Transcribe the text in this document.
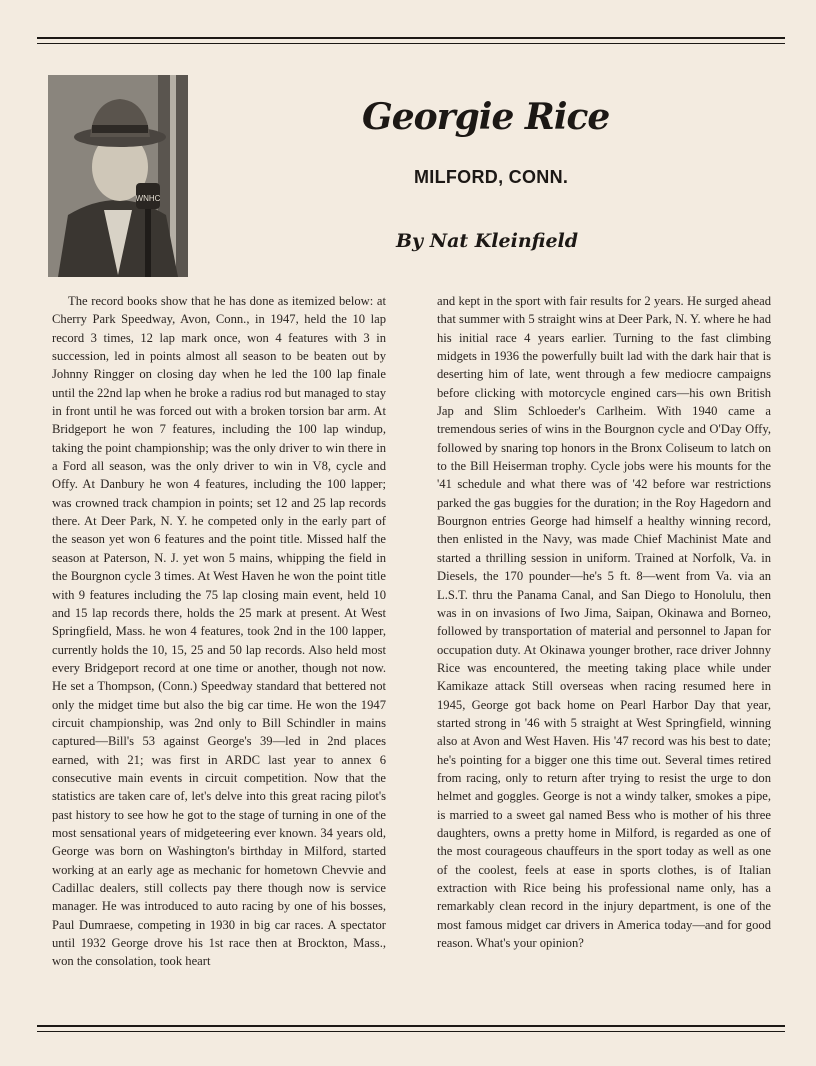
WNHC
Georgie Rice
MILFORD, CONN.
By Nat Kleinfield

The record books show that he has done as itemized below: at Cherry Park Speedway, Avon, Conn., in 1947, held the 10 lap record 3 times, 12 lap mark once, won 4 features with 3 in succession, led in points almost all season to be beaten out by Johnny Ringger on closing day when he led the 100 lap finale until the 22nd lap when he broke a radius rod but managed to stay in front until he was forced out with a broken torsion bar arm. At Bridgeport he won 7 features, including the 100 lap windup, taking the point championship; was the only driver to win there in a Ford all season, was the only driver to win in V8, cycle and Offy. At Danbury he won 4 features, including the 100 lapper; was crowned track champion in points; set 12 and 25 lap records there. At Deer Park, N. Y. he competed only in the early part of the season yet won 6 features and the point title. Missed half the season at Paterson, N. J. yet won 5 mains, whipping the field in the Bourgnon cycle 3 times. At West Haven he won the point title with 9 features including the 75 lap closing main event, held 10 and 15 lap records there, holds the 25 mark at present. At West Springfield, Mass. he won 4 features, took 2nd in the 100 lapper, currently holds the 10, 15, 25 and 50 lap records. Also held most every Bridgeport record at one time or another, though not now. He set a Thompson, (Conn.) Speedway standard that bettered not only the midget time but also the big car time. He won the 1947 circuit championship, was 2nd only to Bill Schindler in mains captured—Bill's 53 against George's 39—led in 2nd places earned, with 21; was first in ARDC last year to annex 6 consecutive main events in circuit competition. Now that the statistics are taken care of, let's delve into this great racing pilot's past history to see how he got to the stage of turning in one of the most sensational years of midgeteering ever known. 34 years old, George was born on Washington's birthday in Milford, started working at an early age as mechanic for hometown Chevvie and Cadillac dealers, still collects pay there though now is service manager. He was introduced to auto racing by one of his bosses, Paul Dumraese, competing in 1930 in big car races. A spectator until 1932 George drove his 1st race then at Brockton, Mass., won the consolation, took heart

and kept in the sport with fair results for 2 years. He surged ahead that summer with 5 straight wins at Deer Park, N. Y. where he had his initial race 4 years earlier. Turning to the fast climbing midgets in 1936 the powerfully built lad with the dark hair that is deserting him of late, went through a few mediocre campaigns before clicking with motorcycle engined cars—his own British Jap and Slim Schloeder's Carlheim. With 1940 came a tremendous series of wins in the Bourgnon cycle and O'Day Offy, followed by snaring top honors in the Bronx Coliseum to latch on to the Bill Heiserman trophy. Cycle jobs were his mounts for the '41 schedule and what there was of '42 before war restrictions parked the gas buggies for the duration; in the Roy Hagedorn and Bourgnon entries George had himself a healthy winning record, then enlisted in the Navy, was made Chief Machinist Mate and started a thrilling session in uniform. Trained at Norfolk, Va. in Diesels, the 170 pounder—he's 5 ft. 8—went from Va. via an L.S.T. thru the Panama Canal, and San Diego to Honolulu, then was in on invasions of Iwo Jima, Saipan, Okinawa and Borneo, followed by transportation of material and personnel to Japan for occupation duty. At Okinawa younger brother, race driver Johnny Rice was encountered, the meeting taking place while under Kamikaze attack Still overseas when racing resumed here in 1945, George got back home on Pearl Harbor Day that year, started strong in '46 with 5 straight at West Springfield, winning also at Avon and West Haven. His '47 record was his best to date; he's pointing for a bigger one this time out. Several times retired from racing, only to return after trying to resist the urge to don helmet and goggles. George is not a windy talker, smokes a pipe, is married to a sweet gal named Bess who is mother of his three daughters, owns a pretty home in Milford, is regarded as one of the most courageous chauffeurs in the sport today as well as one of the coolest, feels at ease in sports clothes, is of Italian extraction with Rice being his professional name only, has a remarkably clean record in the injury department, is one of the most famous midget car drivers in America today—and for good reason. What's your opinion?
